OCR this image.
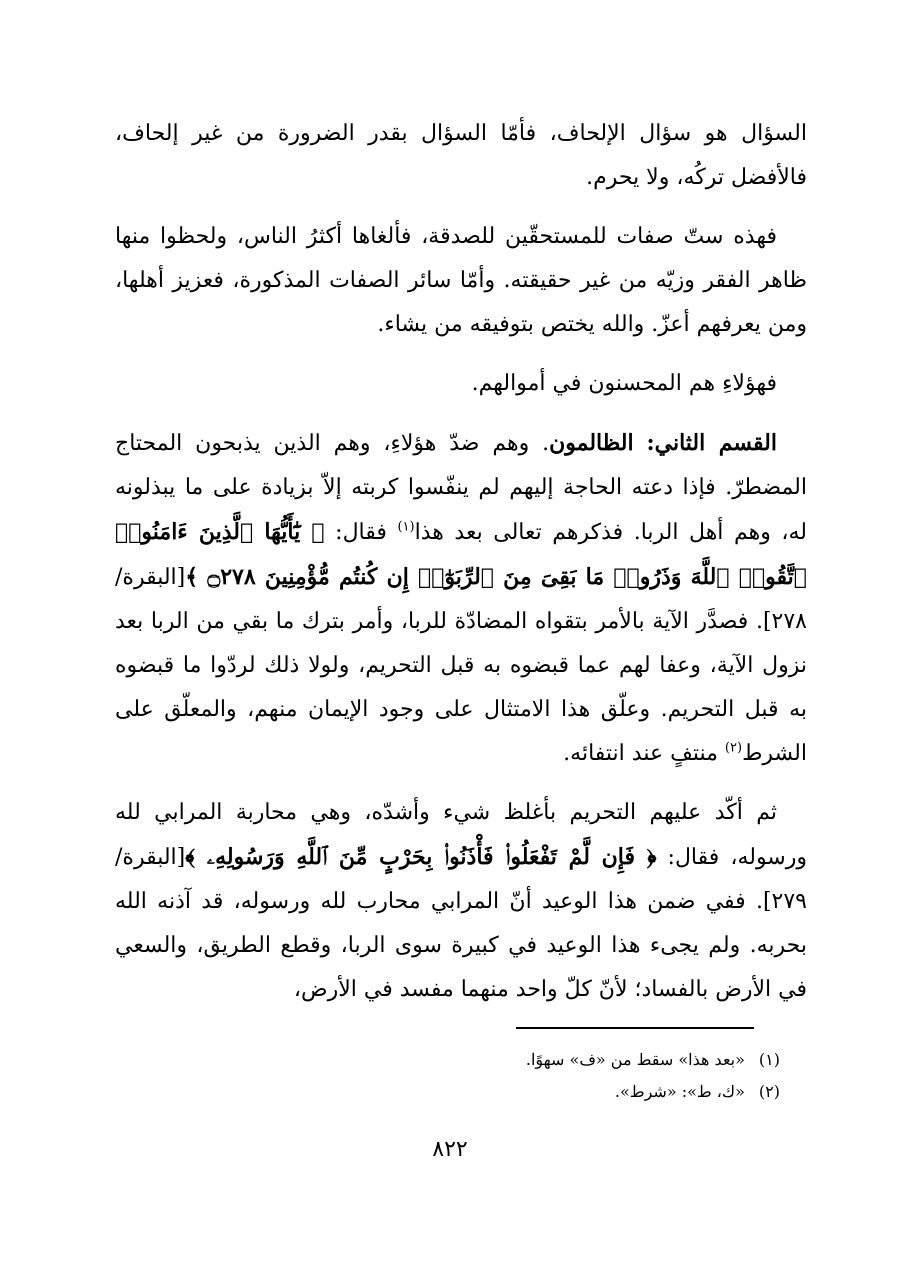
السؤال هو سؤال الإلحاف، فأمّا السؤال بقدر الضرورة من غير إلحاف، فالأفضل تركُه، ولا يحرم.

فهذه ستّ صفات للمستحقّين للصدقة، فألغاها أكثرُ الناس، ولحظوا منها ظاهر الفقر وزيّه من غير حقيقته. وأمّا سائر الصفات المذكورة، فعزيز أهلها، ومن يعرفهم أعزّ. والله يختص بتوفيقه من يشاء.

فهؤلاءِ هم المحسنون في أموالهم.

القسم الثاني: الظالمون. وهم ضدّ هؤلاءِ، وهم الذين يذبحون المحتاج المضطرّ. فإذا دعته الحاجة إليهم لم ينفّسوا كربته إلاّ بزيادة على ما يبذلونه له، وهم أهل الربا. فذكرهم تعالى بعد هذا$^{(١)}$ فقال: ﴿ يَٰٓأَيُّهَا ٱلَّذِينَ ءَامَنُوا۟ ٱتَّقُوا۟ ٱللَّهَ وَذَرُوا۟ مَا بَقِىَ مِنَ ٱلرِّبَوٰٓا۟ إِن كُنتُم مُّؤْمِنِينَ ۝٢٧٨ ﴾[البقرة/ ٢٧٨]. فصدَّر الآية بالأمر بتقواه المضادّة للربا، وأمر بترك ما بقي من الربا بعد نزول الآية، وعفا لهم عما قبضوه به قبل التحريم، ولولا ذلك لردّوا ما قبضوه به قبل التحريم. وعلّق هذا الامتثال على وجود الإيمان منهم، والمعلّق على الشرط$^{(٢)}$ منتفٍ عند انتفائه.

ثم أكّد عليهم التحريم بأغلظ شيء وأشدّه، وهي محاربة المرابي لله ورسوله، فقال: ﴿ فَإِن لَّمْ تَفْعَلُوا۟ فَأْذَنُوا۟ بِحَرْبٍ مِّنَ ٱللَّهِ وَرَسُولِهِۦ ﴾[البقرة/ ٢٧٩]. ففي ضمن هذا الوعيد أنّ المرابي محارب لله ورسوله، قد آذنه الله بحربه. ولم يجىء هذا الوعيد في كبيرة سوى الربا، وقطع الطريق، والسعي في الأرض بالفساد؛ لأنّ كلّ واحد منهما مفسد في الأرض،

(١) «بعد هذا» سقط من «ف» سهوًا.
(٢) «ك، ط»: «شرط».
٨٢٢
